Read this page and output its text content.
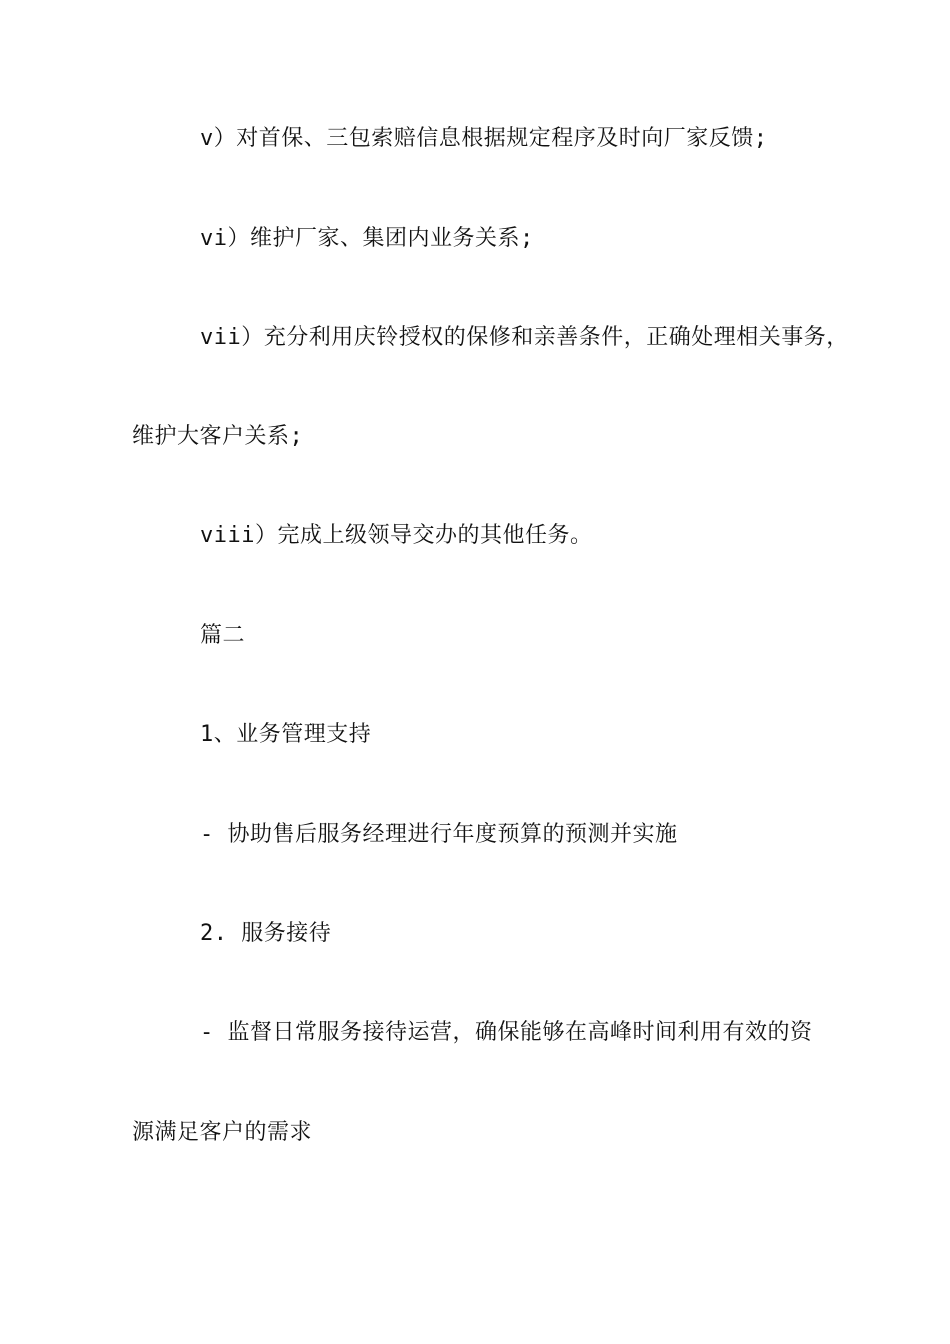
v）对首保、三包索赔信息根据规定程序及时向厂家反馈;
vi）维护厂家、集团内业务关系;
vii）充分利用庆铃授权的保修和亲善条件，正确处理相关事务，
维护大客户关系;
viii）完成上级领导交办的其他任务。
篇二
1、业务管理支持
- 协助售后服务经理进行年度预算的预测并实施
2. 服务接待
- 监督日常服务接待运营，确保能够在高峰时间利用有效的资
源满足客户的需求
